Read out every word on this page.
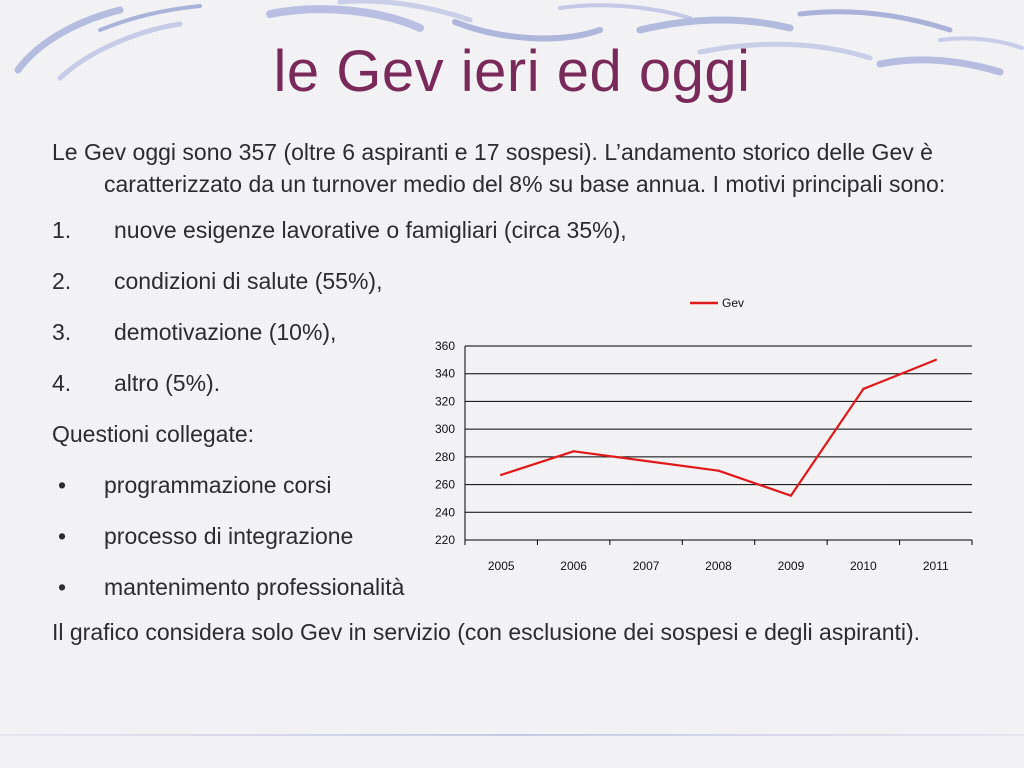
le Gev ieri ed oggi

Le Gev oggi sono 357 (oltre 6 aspiranti e 17 sospesi). L’andamento storico delle Gev è caratterizzato da un turnover medio del 8% su base annua. I motivi principali sono:

1.	nuove esigenze lavorative o famigliari (circa 35%),
2.	condizioni di salute (55%),
3.	demotivazione (10%),
4.	altro (5%).
Questioni collegate:
•	programmazione corsi
•	processo di integrazione
•	mantenimento professionalità

Il grafico considera solo Gev in servizio (con esclusione dei sospesi e degli aspiranti).

220
240
260
280
300
320
340
360
2005	2006	2007	2008	2009	2010	2011
Gev
